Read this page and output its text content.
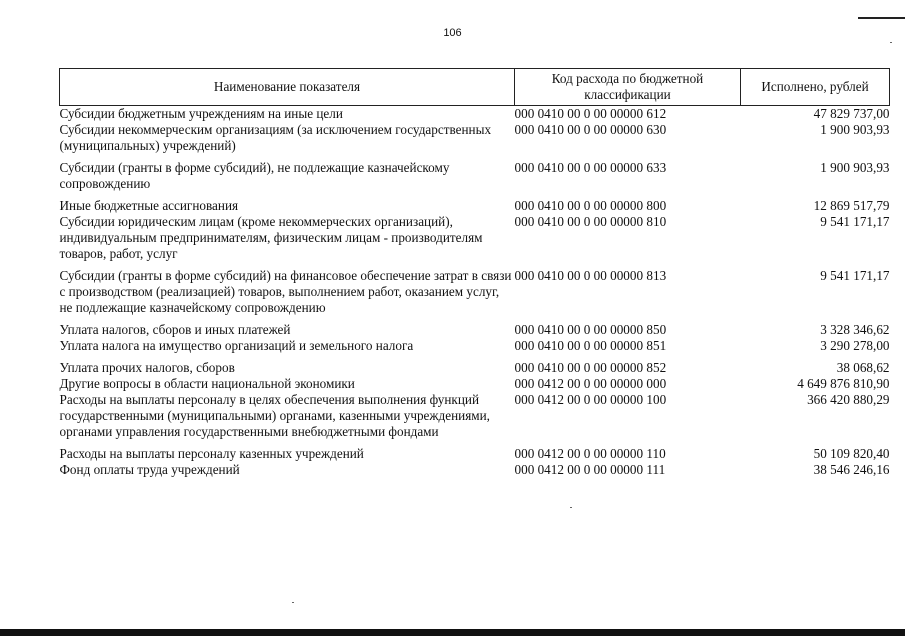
106
Наименование показателя	Код расхода по бюджетной классификации	Исполнено, рублей
Субсидии бюджетным учреждениям на иные цели	000 0410 00 0 00 00000 612	47 829 737,00
Субсидии некоммерческим организациям (за исключением государственных (муниципальных) учреждений)	000 0410 00 0 00 00000 630	1 900 903,93
Субсидии (гранты в форме субсидий), не подлежащие казначейскому сопровождению	000 0410 00 0 00 00000 633	1 900 903,93
Иные бюджетные ассигнования	000 0410 00 0 00 00000 800	12 869 517,79
Субсидии юридическим лицам (кроме некоммерческих организаций), индивидуальным предпринимателям, физическим лицам - производителям товаров, работ, услуг	000 0410 00 0 00 00000 810	9 541 171,17
Субсидии (гранты в форме субсидий) на финансовое обеспечение затрат в связи с производством (реализацией) товаров, выполнением работ, оказанием услуг, не подлежащие казначейскому сопровождению	000 0410 00 0 00 00000 813	9 541 171,17
Уплата налогов, сборов и иных платежей	000 0410 00 0 00 00000 850	3 328 346,62
Уплата налога на имущество организаций и земельного налога	000 0410 00 0 00 00000 851	3 290 278,00
Уплата прочих налогов, сборов	000 0410 00 0 00 00000 852	38 068,62
Другие вопросы в области национальной экономики	000 0412 00 0 00 00000 000	4 649 876 810,90
Расходы на выплаты персоналу в целях обеспечения выполнения функций государственными (муниципальными) органами, казенными учреждениями, органами управления государственными внебюджетными фондами	000 0412 00 0 00 00000 100	366 420 880,29
Расходы на выплаты персоналу казенных учреждений	000 0412 00 0 00 00000 110	50 109 820,40
Фонд оплаты труда учреждений	000 0412 00 0 00 00000 111	38 546 246,16
